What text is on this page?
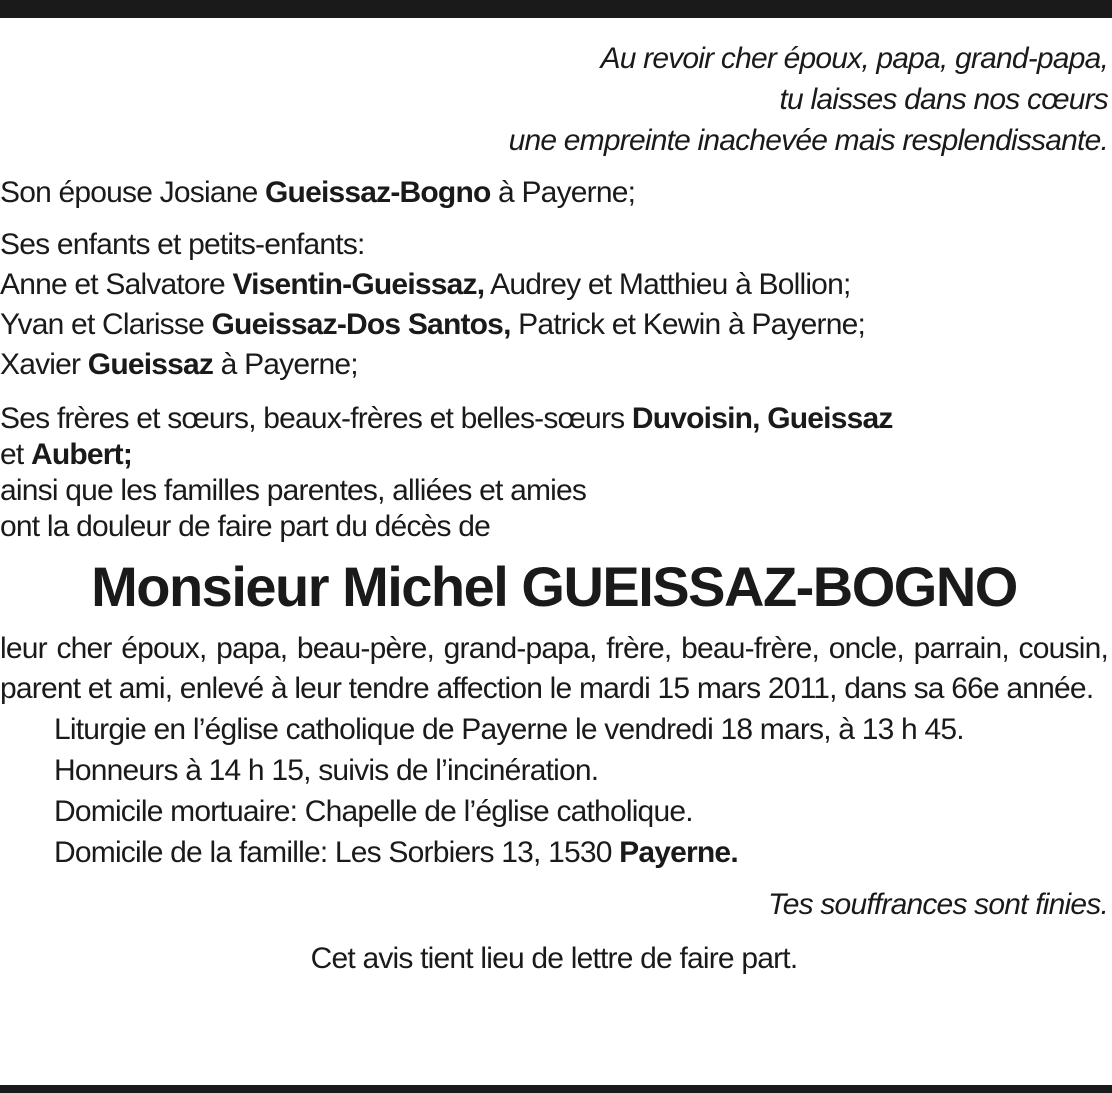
Au revoir cher époux, papa, grand-papa,
tu laisses dans nos cœurs
une empreinte inachevée mais resplendissante.
Son épouse Josiane Gueissaz-Bogno à Payerne;
Ses enfants et petits-enfants:
Anne et Salvatore Visentin-Gueissaz, Audrey et Matthieu à Bollion;
Yvan et Clarisse Gueissaz-Dos Santos, Patrick et Kewin à Payerne;
Xavier Gueissaz à Payerne;
Ses frères et sœurs, beaux-frères et belles-sœurs Duvoisin, Gueissaz
et Aubert;
ainsi que les familles parentes, alliées et amies
ont la douleur de faire part du décès de
Monsieur Michel GUEISSAZ-BOGNO
leur cher époux, papa, beau-père, grand-papa, frère, beau-frère, oncle, parrain, cousin, parent et ami, enlevé à leur tendre affection le mardi 15 mars 2011, dans sa 66e année.
Liturgie en l’église catholique de Payerne le vendredi 18 mars, à 13 h 45.
Honneurs à 14 h 15, suivis de l’incinération.
Domicile mortuaire: Chapelle de l’église catholique.
Domicile de la famille: Les Sorbiers 13, 1530 Payerne.
Tes souffrances sont finies.
Cet avis tient lieu de lettre de faire part.
